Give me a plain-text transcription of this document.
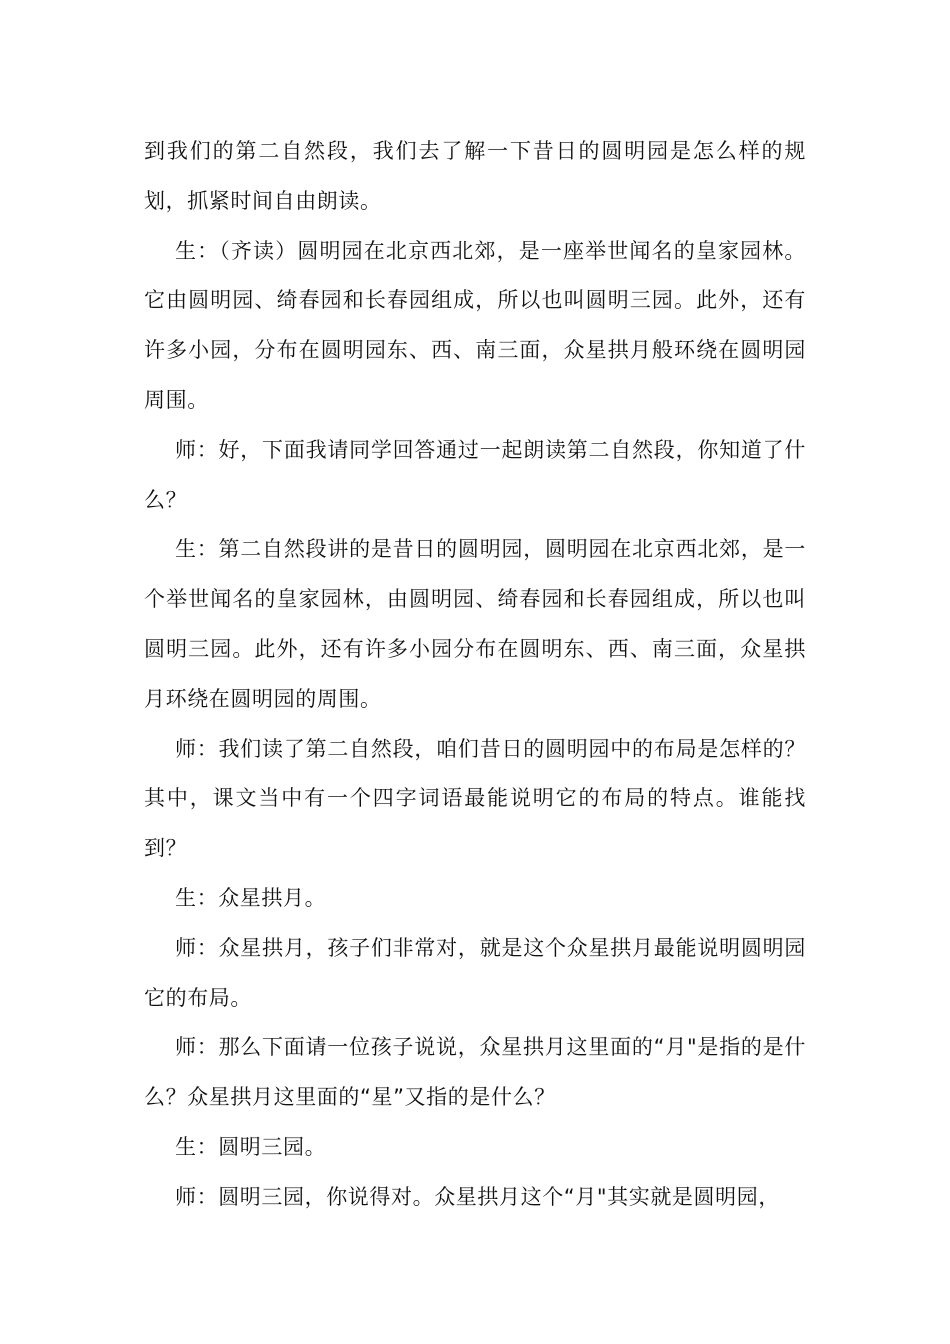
到我们的第二自然段，我们去了解一下昔日的圆明园是怎么样的规划，抓紧时间自由朗读。

生：（齐读）圆明园在北京西北郊，是一座举世闻名的皇家园林。它由圆明园、绮春园和长春园组成，所以也叫圆明三园。此外，还有许多小园，分布在圆明园东、西、南三面，众星拱月般环绕在圆明园周围。

师：好，下面我请同学回答通过一起朗读第二自然段，你知道了什么？

生：第二自然段讲的是昔日的圆明园，圆明园在北京西北郊，是一个举世闻名的皇家园林，由圆明园、绮春园和长春园组成，所以也叫圆明三园。此外，还有许多小园分布在圆明东、西、南三面，众星拱月环绕在圆明园的周围。

师：我们读了第二自然段，咱们昔日的圆明园中的布局是怎样的？其中，课文当中有一个四字词语最能说明它的布局的特点。谁能找到？

生：众星拱月。

师：众星拱月，孩子们非常对，就是这个众星拱月最能说明圆明园它的布局。

师：那么下面请一位孩子说说，众星拱月这里面的“月"是指的是什么？众星拱月这里面的“星”又指的是什么？

生：圆明三园。

师：圆明三园，你说得对。众星拱月这个“月"其实就是圆明园，
